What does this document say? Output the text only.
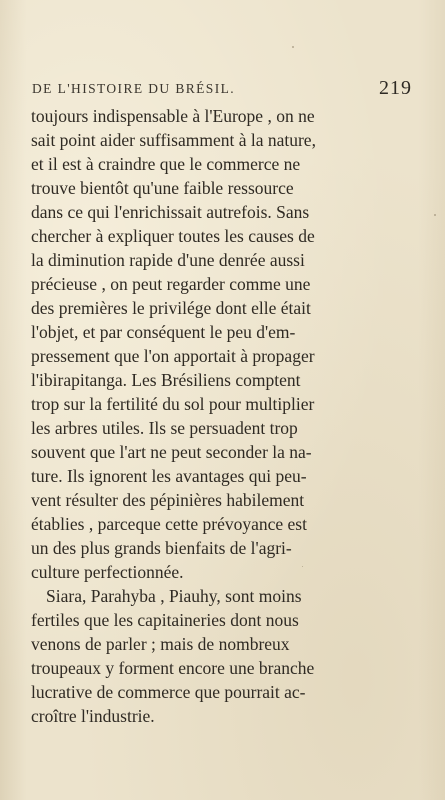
DE L'HISTOIRE DU BRÉSIL.	219
toujours indispensable à l'Europe , on ne
sait point aider suffisamment à la nature,
et il est à craindre que le commerce ne
trouve bientôt qu'une faible ressource
dans ce qui l'enrichissait autrefois. Sans
chercher à expliquer toutes les causes de
la diminution rapide d'une denrée aussi
précieuse , on peut regarder comme une
des premières le privilége dont elle était
l'objet, et par conséquent le peu d'em-
pressement que l'on apportait à propager
l'ibirapitanga. Les Brésiliens comptent
trop sur la fertilité du sol pour multiplier
les arbres utiles. Ils se persuadent trop
souvent que l'art ne peut seconder la na-
ture. Ils ignorent les avantages qui peu-
vent résulter des pépinières habilement
établies , parceque cette prévoyance est
un des plus grands bienfaits de l'agri-
culture perfectionnée.
Siara, Parahyba , Piauhy, sont moins
fertiles que les capitaineries dont nous
venons de parler ; mais de nombreux
troupeaux y forment encore une branche
lucrative de commerce que pourrait ac-
croître l'industrie.
